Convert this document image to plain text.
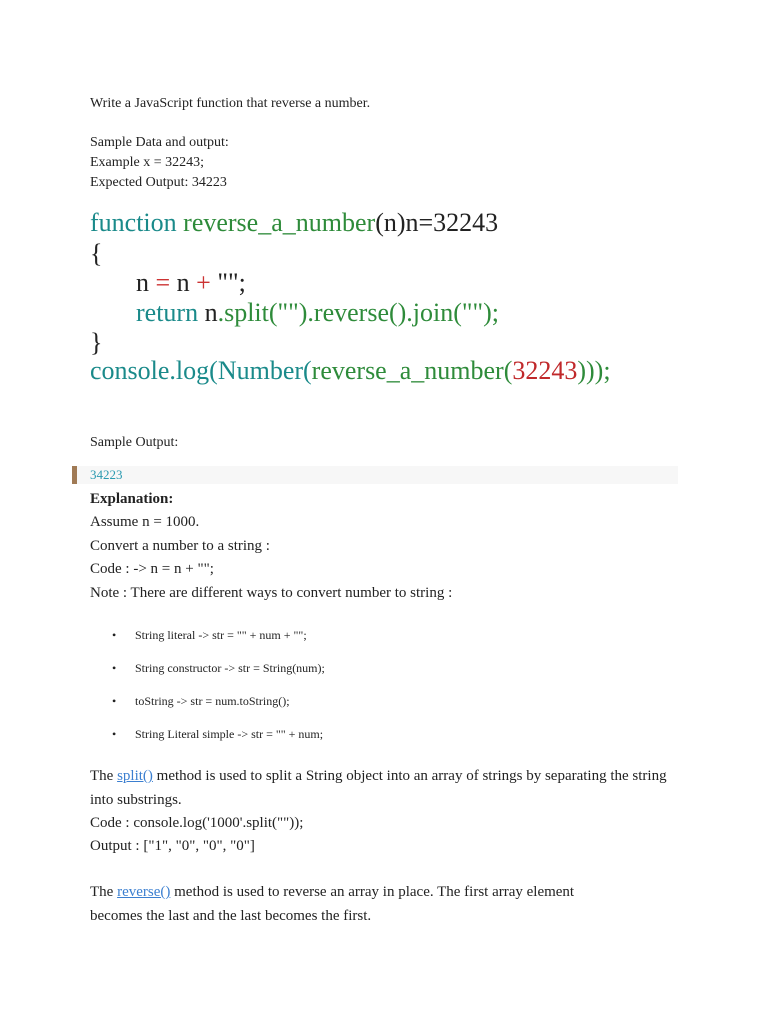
Write a JavaScript function that reverse a number.
Sample Data and output:
Example x = 32243;
Expected Output: 34223
function reverse_a_number(n)n=32243
{
n = n + "";
return n.split("").reverse().join("");
}
console.log(Number(reverse_a_number(32243)));
Sample Output:
34223
Explanation:
Assume n = 1000.
Convert a number to a string :
Code : -> n = n + "";
Note : There are different ways to convert number to string :
• String literal -> str = "" + num + "";
• String constructor -> str = String(num);
• toString -> str = num.toString();
• String Literal simple -> str = "" + num;
The split() method is used to split a String object into an array of strings by separating the string into substrings.
Code : console.log('1000'.split(""));
Output : ["1", "0", "0", "0"]
The reverse() method is used to reverse an array in place. The first array element becomes the last and the last becomes the first.
